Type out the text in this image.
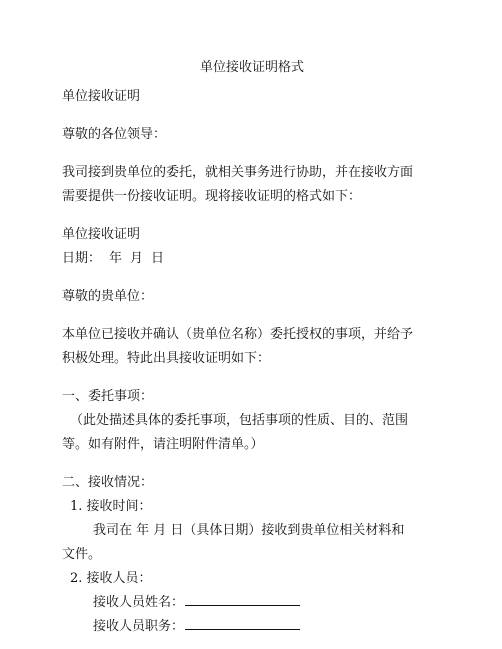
单位接收证明格式

单位接收证明

尊敬的各位领导：

我司接到贵单位的委托，就相关事务进行协助，并在接收方面

需要提供一份接收证明。现将接收证明的格式如下：

单位接收证明

日期： 年 月 日

尊敬的贵单位：

本单位已接收并确认（贵单位名称）委托授权的事项，并给予

积极处理。特此出具接收证明如下：

一、委托事项：

（此处描述具体的委托事项，包括事项的性质、目的、范围

等。如有附件，请注明附件清单。）

二、接收情况：

1. 接收时间：

我司在 年 月 日（具体日期）接收到贵单位相关材料和

文件。

2. 接收人员：

接收人员姓名：

接收人员职务：
